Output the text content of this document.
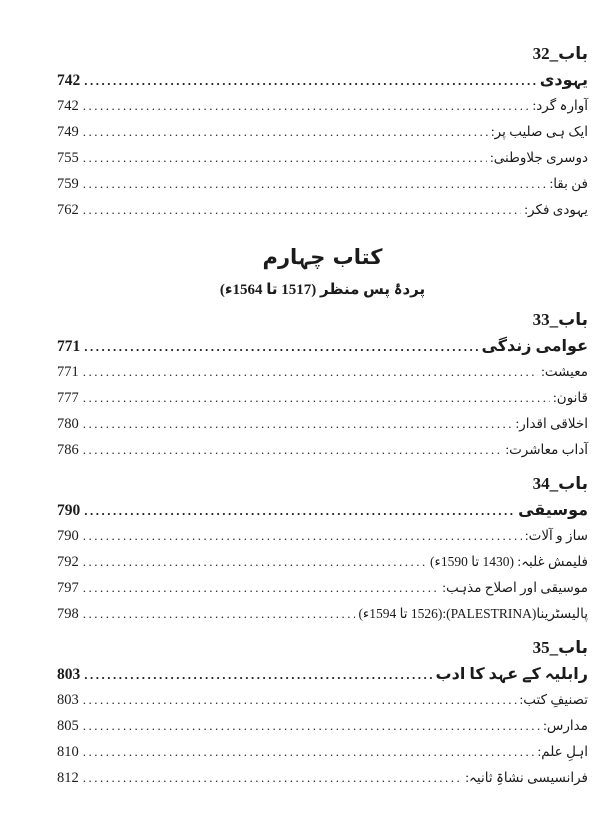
باب_32
یہودی
.....
742
آوارہ گرد:
.....
742
ایک ہی صلیب پر:
.....
749
دوسری جلاوطنی:
.....
755
فن بقا:
.....
759
یہودی فکر:
.....
762
کتاب چہارم
پردۂ پس منظر (1517 تا 1564ء)
باب_33
عوامی زندگی
.....
771
معیشت:
.....
771
قانون:
.....
777
اخلاقی اقدار:
.....
780
آداب معاشرت:
.....
786
باب_34
موسیقی
.....
790
ساز و آلات:
.....
790
فلیمش غلبہ: (1430 تا 1590ء)
.....
792
موسیقی اور اصلاح مذہب:
.....
797
پالیسٹرینا(PALESTRINA):(1526 تا 1594ء)
.....
798
باب_35
رابلیہ کے عہد کا ادب
.....
803
تصنیفِ کتب:
.....
803
مدارس:
.....
805
اہلِ علم:
.....
810
فرانسیسی نشاۃِ ثانیہ:
.....
812
